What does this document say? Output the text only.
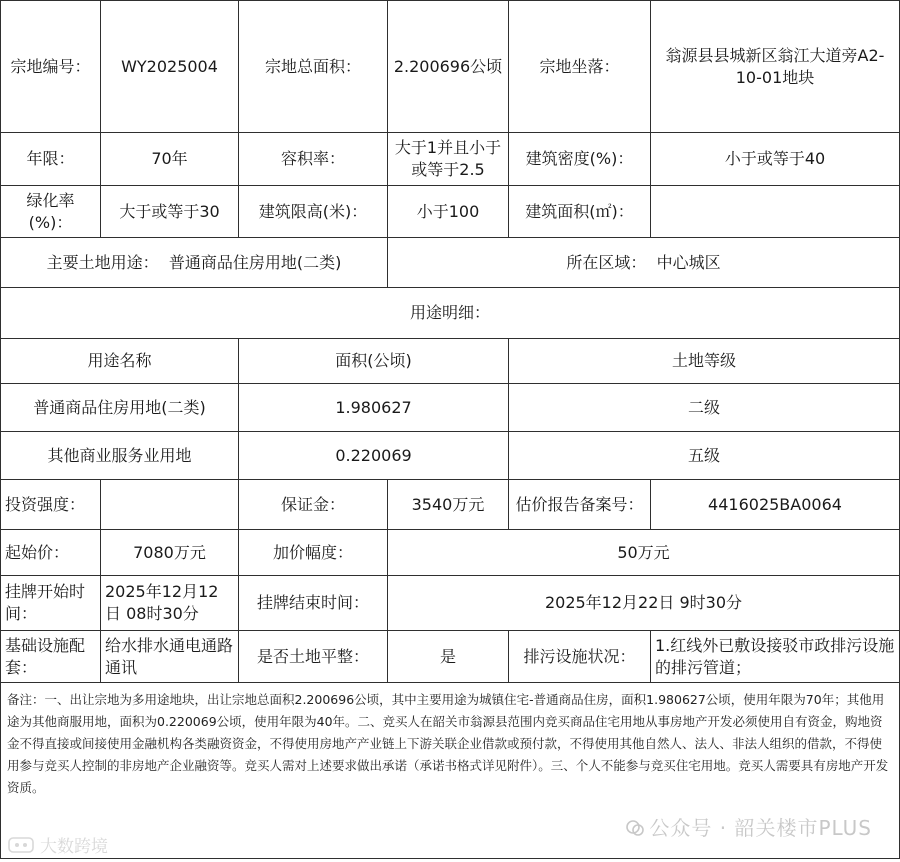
宗地编号：	WY2025004	宗地总面积：	2.200696公顷	宗地坐落：	翁源县县城新区翁江大道旁A2-10-01地块
年限：	70年	容积率：	大于1并且小于或等于2.5	建筑密度(%)：	小于或等于40
绿化率(%)：	大于或等于30	建筑限高(米)：	小于100	建筑面积(㎡)：	
主要土地用途：  普通商品住房用地(二类)			所在区域：  中心城区		
用途明细：					
用途名称		面积(公顷)		土地等级	
普通商品住房用地(二类)		1.980627		二级	
其他商业服务业用地		0.220069		五级	
投资强度：		保证金：	3540万元	估价报告备案号：	4416025BA0064
起始价：	7080万元	加价幅度：	50万元		
挂牌开始时间：	2025年12月12日 08时30分	挂牌结束时间：	2025年12月22日 9时30分		
基础设施配套：	给水排水通电通路通讯	是否土地平整：	是	排污设施状况：	1.红线外已敷设接驳市政排污设施的排污管道；
备注：一、出让宗地为多用途地块，出让宗地总面积2.200696公顷，其中主要用途为城镇住宅-普通商品住房，面积1.980627公顷，使用年限为70年；其他用途为其他商服用地，面积为0.220069公顷，使用年限为40年。二、竞买人在韶关市翁源县范围内竞买商品住宅用地从事房地产开发必须使用自有资金，购地资金不得直接或间接使用金融机构各类融资资金，不得使用房地产产业链上下游关联企业借款或预付款，不得使用其他自然人、法人、非法人组织的借款，不得使用参与竞买人控制的非房地产企业融资等。竞买人需对上述要求做出承诺（承诺书格式详见附件）。三、个人不能参与竞买住宅用地。竞买人需要具有房地产开发资质。					
公众号 · 韶关楼市PLUS
大数跨境
